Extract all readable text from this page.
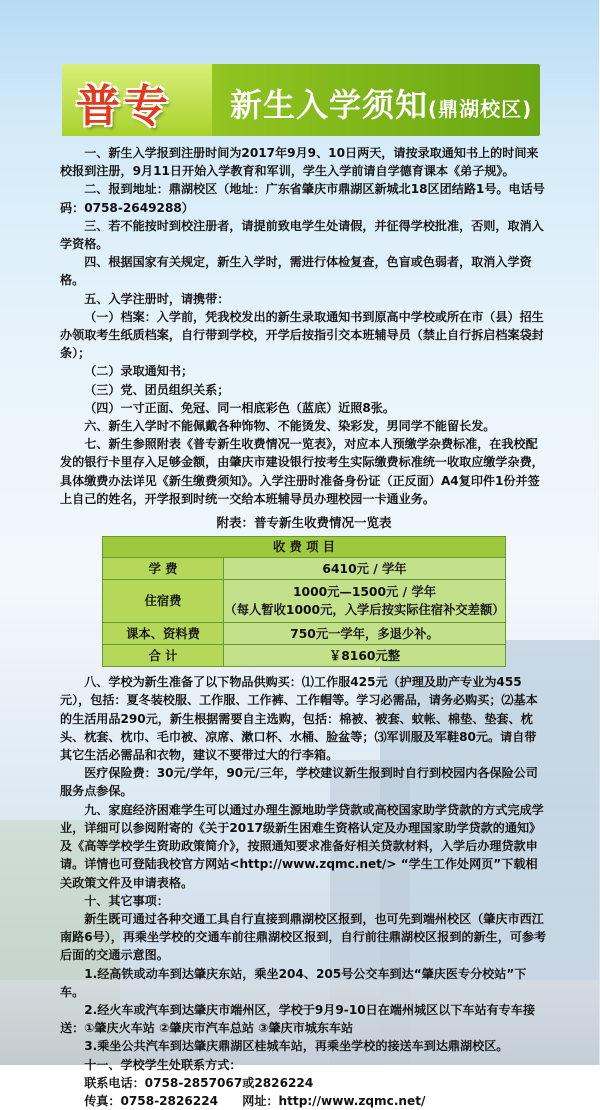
普专 新生入学须知(鼎湖校区)

一、新生入学报到注册时间为2017年9月9、10日两天，请按录取通知书上的时间来校报到注册，9月11日开始入学教育和军训，学生入学前请自学德育课本《弟子规》。

二、报到地址：鼎湖校区（地址：广东省肇庆市鼎湖区新城北18区团结路1号。电话号码：0758-2649288）

三、若不能按时到校注册者，请提前致电学生处请假，并征得学校批准，否则，取消入学资格。

四、根据国家有关规定，新生入学时，需进行体检复查，色盲或色弱者，取消入学资格。

五、入学注册时，请携带：

（一）档案：入学前，凭我校发出的新生录取通知书到原高中学校或所在市（县）招生办领取考生纸质档案，自行带到学校，开学后按指引交本班辅导员（禁止自行拆启档案袋封条）；

（二）录取通知书；

（三）党、团员组织关系；

（四）一寸正面、免冠、同一相底彩色（蓝底）近照8张。

六、新生入学时不能佩戴各种饰物、不能烫发、染彩发，男同学不能留长发。

七、新生参照附表《普专新生收费情况一览表》，对应本人预缴学杂费标准，在我校配发的银行卡里存入足够金额，由肇庆市建设银行按考生实际缴费标准统一收取应缴学杂费，具体缴费办法详见《新生缴费须知》。入学注册时准备身份证（正反面）A4复印件1份并签上自己的姓名，开学报到时统一交给本班辅导员办理校园一卡通业务。

附表：普专新生收费情况一览表
收 费 项 目	
学 费	6410元 / 学年
住宿费	1000元—1500元 / 学年
（每人暂收1000元，入学后按实际住宿补交差额）

课本、资料费	750元一学年，多退少补。
合 计	￥8160元整

八、学校为新生准备了以下物品供购买：⑴工作服425元（护理及助产专业为455元），包括：夏冬装校服、工作服、工作裤、工作帽等。学习必需品，请务必购买；⑵基本的生活用品290元，新生根据需要自主选购，包括：棉被、被套、蚊帐、棉垫、垫套、枕头、枕套、枕巾、毛巾被、凉席、漱口杯、水桶、脸盆等；⑶军训服及军鞋80元。请自带其它生活必需品和衣物，建议不要带过大的行李箱。

医疗保险费：30元/学年，90元/三年，学校建议新生报到时自行到校园内各保险公司服务点参保。

九、家庭经济困难学生可以通过办理生源地助学贷款或高校国家助学贷款的方式完成学业，详细可以参阅附寄的《关于2017级新生困难生资格认定及办理国家助学贷款的通知》及《高等学校学生资助政策简介》，按照通知要求准备好相关贷款材料，入学后办理贷款申请。详情也可登陆我校官方网站<http://www.zqmc.net/> “学生工作处网页”下载相关政策文件及申请表格。

十、其它事项：

新生既可通过各种交通工具自行直接到鼎湖校区报到，也可先到端州校区（肇庆市西江南路6号），再乘坐学校的交通车前往鼎湖校区报到，自行前往鼎湖校区报到的新生，可参考后面的交通示意图。

1.经高铁或动车到达肇庆东站，乘坐204、205号公交车到达“肇庆医专分校站”下车。

2.经火车或汽车到达肇庆市端州区，学校于9月9-10日在端州城区以下车站有专车接送：①肇庆火车站 ②肇庆市汽车总站 ③肇庆市城东车站

3.乘坐公共汽车到达肇庆鼎湖区桂城车站，再乘坐学校的接送车到达鼎湖校区。

十一、学校学生处联系方式：

联系电话：0758-2857067或2826224

传真：0758-2826224　　网址：http://www.zqmc.net/
